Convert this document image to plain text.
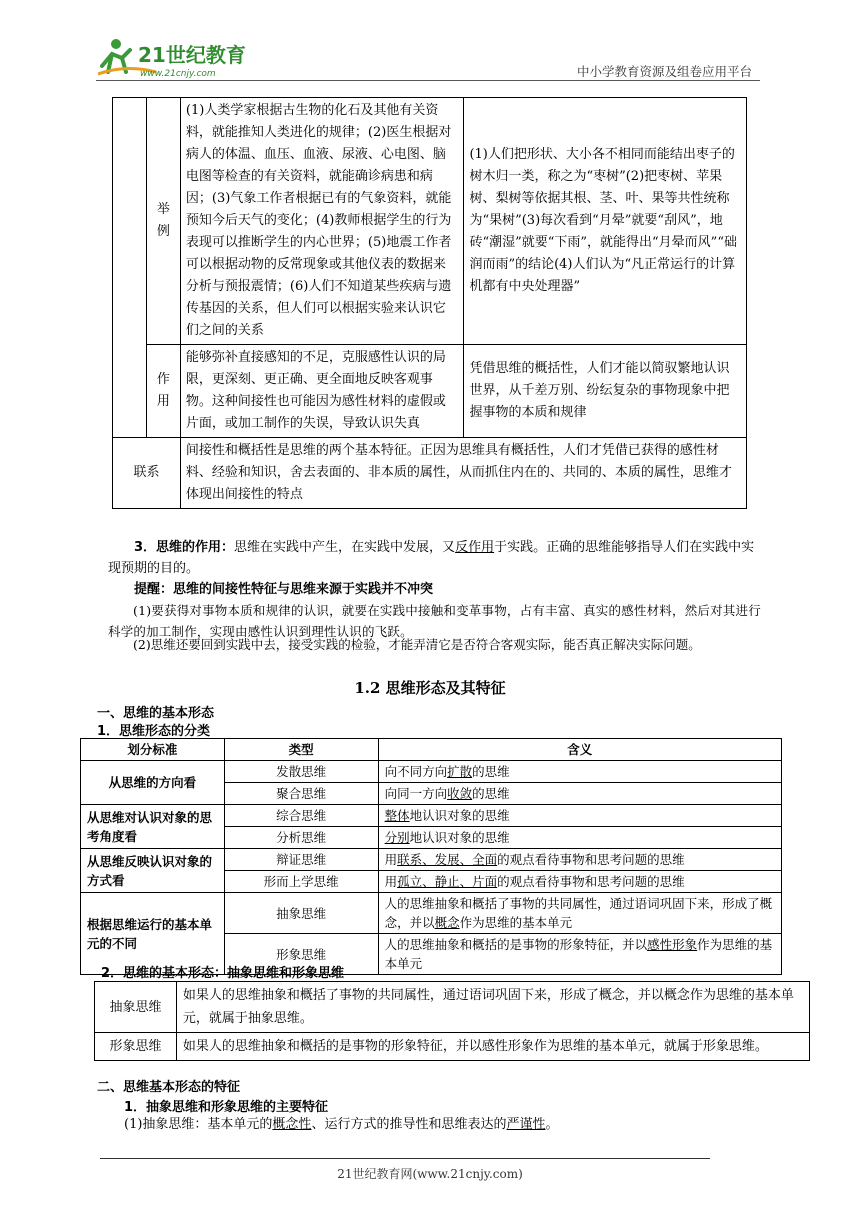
21世纪教育
www.21cnjy.com	中小学教育资源及组卷应用平台
	举例	(1)人类学家根据古生物的化石及其他有关资料，就能推知人类进化的规律；(2)医生根据对病人的体温、血压、血液、尿液、心电图、脑电图等检查的有关资料，就能确诊病患和病因；(3)气象工作者根据已有的气象资料，就能预知今后天气的变化；(4)教师根据学生的行为表现可以推断学生的内心世界；(5)地震工作者可以根据动物的反常现象或其他仪表的数据来分析与预报震情；(6)人们不知道某些疾病与遗传基因的关系，但人们可以根据实验来认识它们之间的关系	(1)人们把形状、大小各不相同而能结出枣子的树木归一类，称之为“枣树”(2)把枣树、苹果树、梨树等依据其根、茎、叶、果等共性统称为“果树”(3)每次看到“月晕”就要“刮风”，地砖“潮湿”就要“下雨”，就能得出“月晕而风”“础润而雨”的结论(4)人们认为“凡正常运行的计算机都有中央处理器”
	作用	能够弥补直接感知的不足，克服感性认识的局限，更深刻、更正确、更全面地反映客观事物。这种间接性也可能因为感性材料的虚假或片面，或加工制作的失误，导致认识失真	凭借思维的概括性，人们才能以简驭繁地认识世界，从千差万别、纷纭复杂的事物现象中把握事物的本质和规律
联系		间接性和概括性是思维的两个基本特征。正因为思维具有概括性，人们才凭借已获得的感性材料、经验和知识，舍去表面的、非本质的属性，从而抓住内在的、共同的、本质的属性，思维才体现出间接性的特点	
3．思维的作用：思维在实践中产生，在实践中发展，又反作用于实践。正确的思维能够指导人们在实践中实现预期的目的。
提醒：思维的间接性特征与思维来源于实践并不冲突
(1)要获得对事物本质和规律的认识，就要在实践中接触和变革事物，占有丰富、真实的感性材料，然后对其进行科学的加工制作，实现由感性认识到理性认识的飞跃。
(2)思维还要回到实践中去，接受实践的检验，才能弄清它是否符合客观实际，能否真正解决实际问题。
1.2 思维形态及其特征
一、思维的基本形态
1．思维形态的分类
划分标准	类型	含义
从思维的方向看	发散思维	向不同方向扩散的思维
	聚合思维	向同一方向收敛的思维
从思维对认识对象的思考角度看	综合思维	整体地认识对象的思维
	分析思维	分别地认识对象的思维
从思维反映认识对象的方式看	辩证思维	用联系、发展、全面的观点看待事物和思考问题的思维
	形而上学思维	用孤立、静止、片面的观点看待事物和思考问题的思维
根据思维运行的基本单元的不同	抽象思维	人的思维抽象和概括了事物的共同属性，通过语词巩固下来，形成了概念，并以概念作为思维的基本单元
	形象思维	人的思维抽象和概括的是事物的形象特征，并以感性形象作为思维的基本单元
2．思维的基本形态：抽象思维和形象思维
抽象思维	如果人的思维抽象和概括了事物的共同属性，通过语词巩固下来，形成了概念，并以概念作为思维的基本单元，就属于抽象思维。
形象思维	如果人的思维抽象和概括的是事物的形象特征，并以感性形象作为思维的基本单元，就属于形象思维。
二、思维基本形态的特征
1．抽象思维和形象思维的主要特征
(1)抽象思维：基本单元的概念性、运行方式的推导性和思维表达的严谨性。
21世纪教育网(www.21cnjy.com)
